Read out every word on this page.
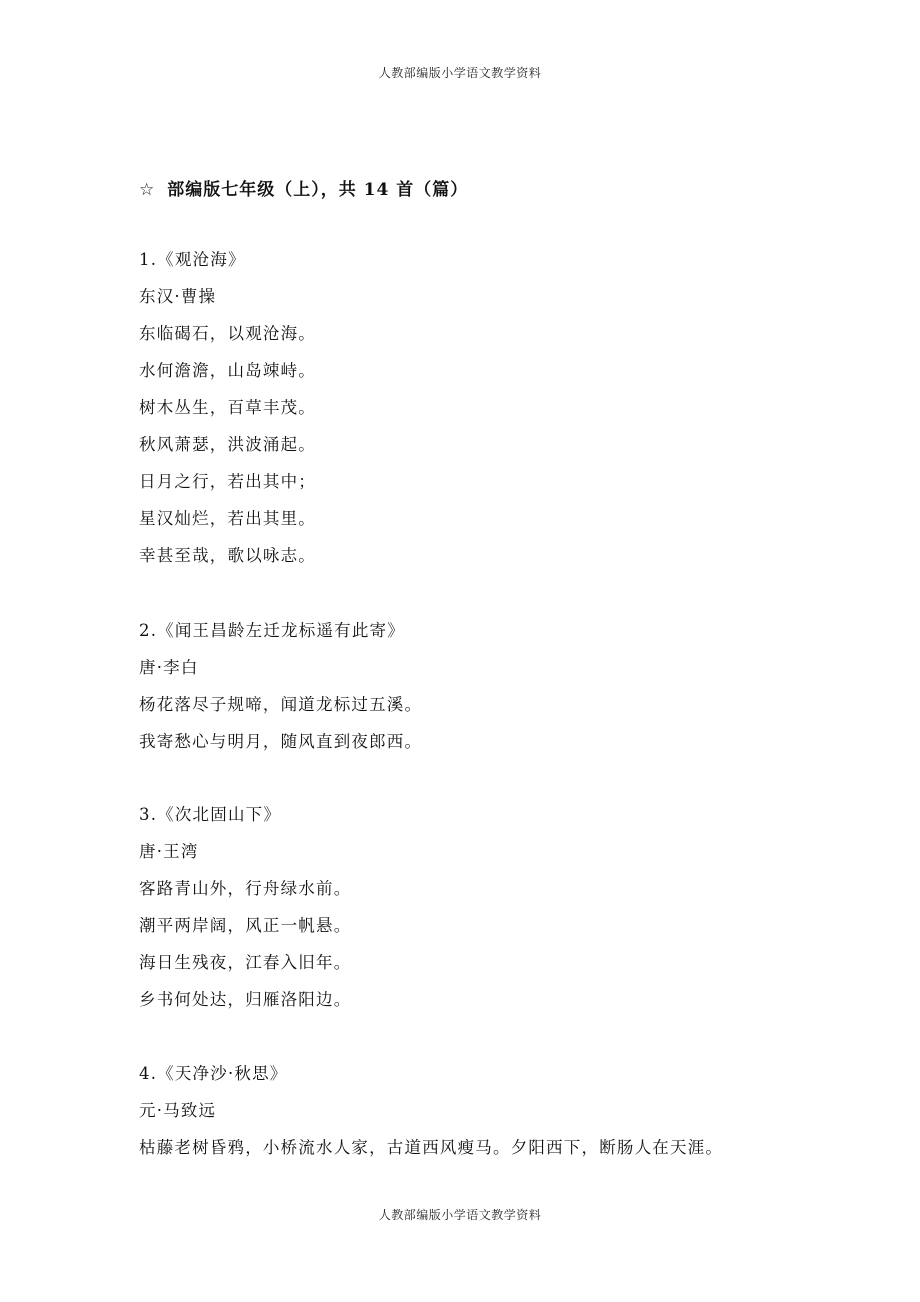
人教部编版小学语文教学资料
☆ 部编版七年级（上），共 14 首（篇）
1.《观沧海》
东汉·曹操
东临碣石，以观沧海。
水何澹澹，山岛竦峙。
树木丛生，百草丰茂。
秋风萧瑟，洪波涌起。
日月之行，若出其中；
星汉灿烂，若出其里。
幸甚至哉，歌以咏志。
2.《闻王昌龄左迁龙标遥有此寄》
唐·李白
杨花落尽子规啼，闻道龙标过五溪。
我寄愁心与明月，随风直到夜郎西。
3.《次北固山下》
唐·王湾
客路青山外，行舟绿水前。
潮平两岸阔，风正一帆悬。
海日生残夜，江春入旧年。
乡书何处达，归雁洛阳边。
4.《天净沙·秋思》
元·马致远
枯藤老树昏鸦，小桥流水人家，古道西风瘦马。夕阳西下，断肠人在天涯。
人教部编版小学语文教学资料
